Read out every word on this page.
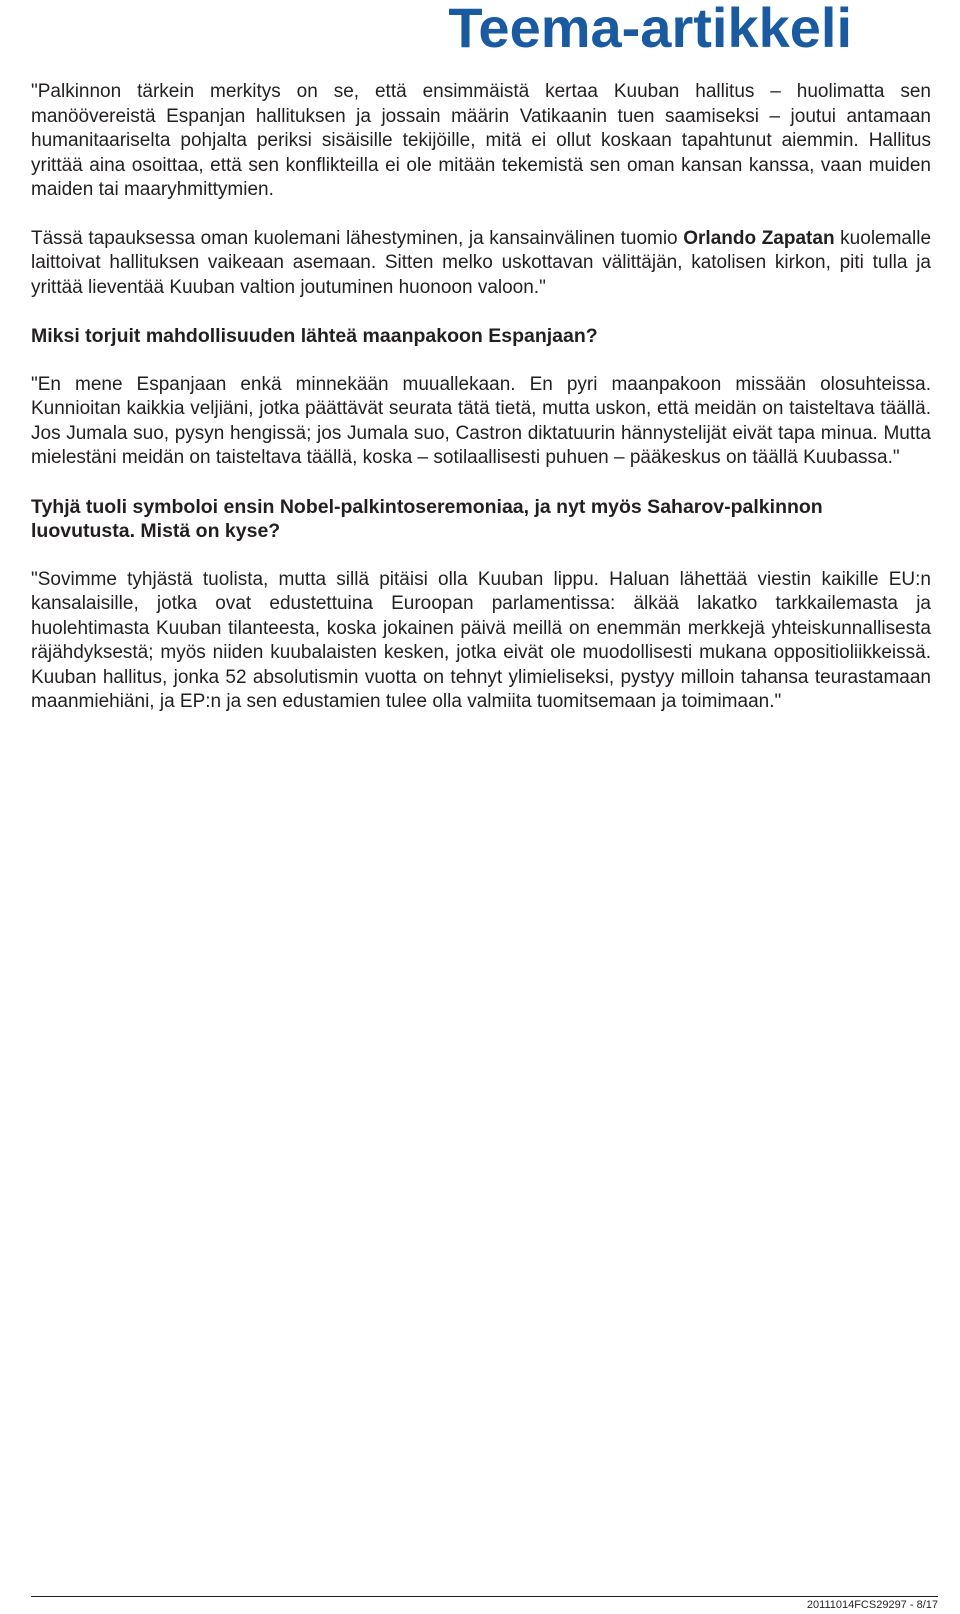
Teema-artikkeli

"Palkinnon tärkein merkitys on se, että ensimmäistä kertaa Kuuban hallitus – huolimatta sen manöövereistä Espanjan hallituksen ja jossain määrin Vatikaanin tuen saamiseksi – joutui antamaan humanitaariselta pohjalta periksi sisäisille tekijöille, mitä ei ollut koskaan tapahtunut aiemmin. Hallitus yrittää aina osoittaa, että sen konflikteilla ei ole mitään tekemistä sen oman kansan kanssa, vaan muiden maiden tai maaryhmittymien.

Tässä tapauksessa oman kuolemani lähestyminen, ja kansainvälinen tuomio Orlando Zapatan kuolemalle laittoivat hallituksen vaikeaan asemaan. Sitten melko uskottavan välittäjän, katolisen kirkon, piti tulla ja yrittää lieventää Kuuban valtion joutuminen huonoon valoon."

Miksi torjuit mahdollisuuden lähteä maanpakoon Espanjaan?

"En mene Espanjaan enkä minnekään muuallekaan. En pyri maanpakoon missään olosuhteissa. Kunnioitan kaikkia veljiäni, jotka päättävät seurata tätä tietä, mutta uskon, että meidän on taisteltava täällä. Jos Jumala suo, pysyn hengissä; jos Jumala suo, Castron diktatuurin hännystelijät eivät tapa minua. Mutta mielestäni meidän on taisteltava täällä, koska – sotilaallisesti puhuen – pääkeskus on täällä Kuubassa."

Tyhjä tuoli symboloi ensin Nobel-palkintoseremoniaa, ja nyt myös Saharov-palkinnon luovutusta. Mistä on kyse?

"Sovimme tyhjästä tuolista, mutta sillä pitäisi olla Kuuban lippu. Haluan lähettää viestin kaikille EU:n kansalaisille, jotka ovat edustettuina Euroopan parlamentissa: älkää lakatko tarkkailemasta ja huolehtimasta Kuuban tilanteesta, koska jokainen päivä meillä on enemmän merkkejä yhteiskunnallisesta räjähdyksestä; myös niiden kuubalaisten kesken, jotka eivät ole muodollisesti mukana oppositioliikkeissä. Kuuban hallitus, jonka 52 absolutismin vuotta on tehnyt ylimieliseksi, pystyy milloin tahansa teurastamaan maanmiehiäni, ja EP:n ja sen edustamien tulee olla valmiita tuomitsemaan ja toimimaan."

20111014FCS29297 - 8/17
